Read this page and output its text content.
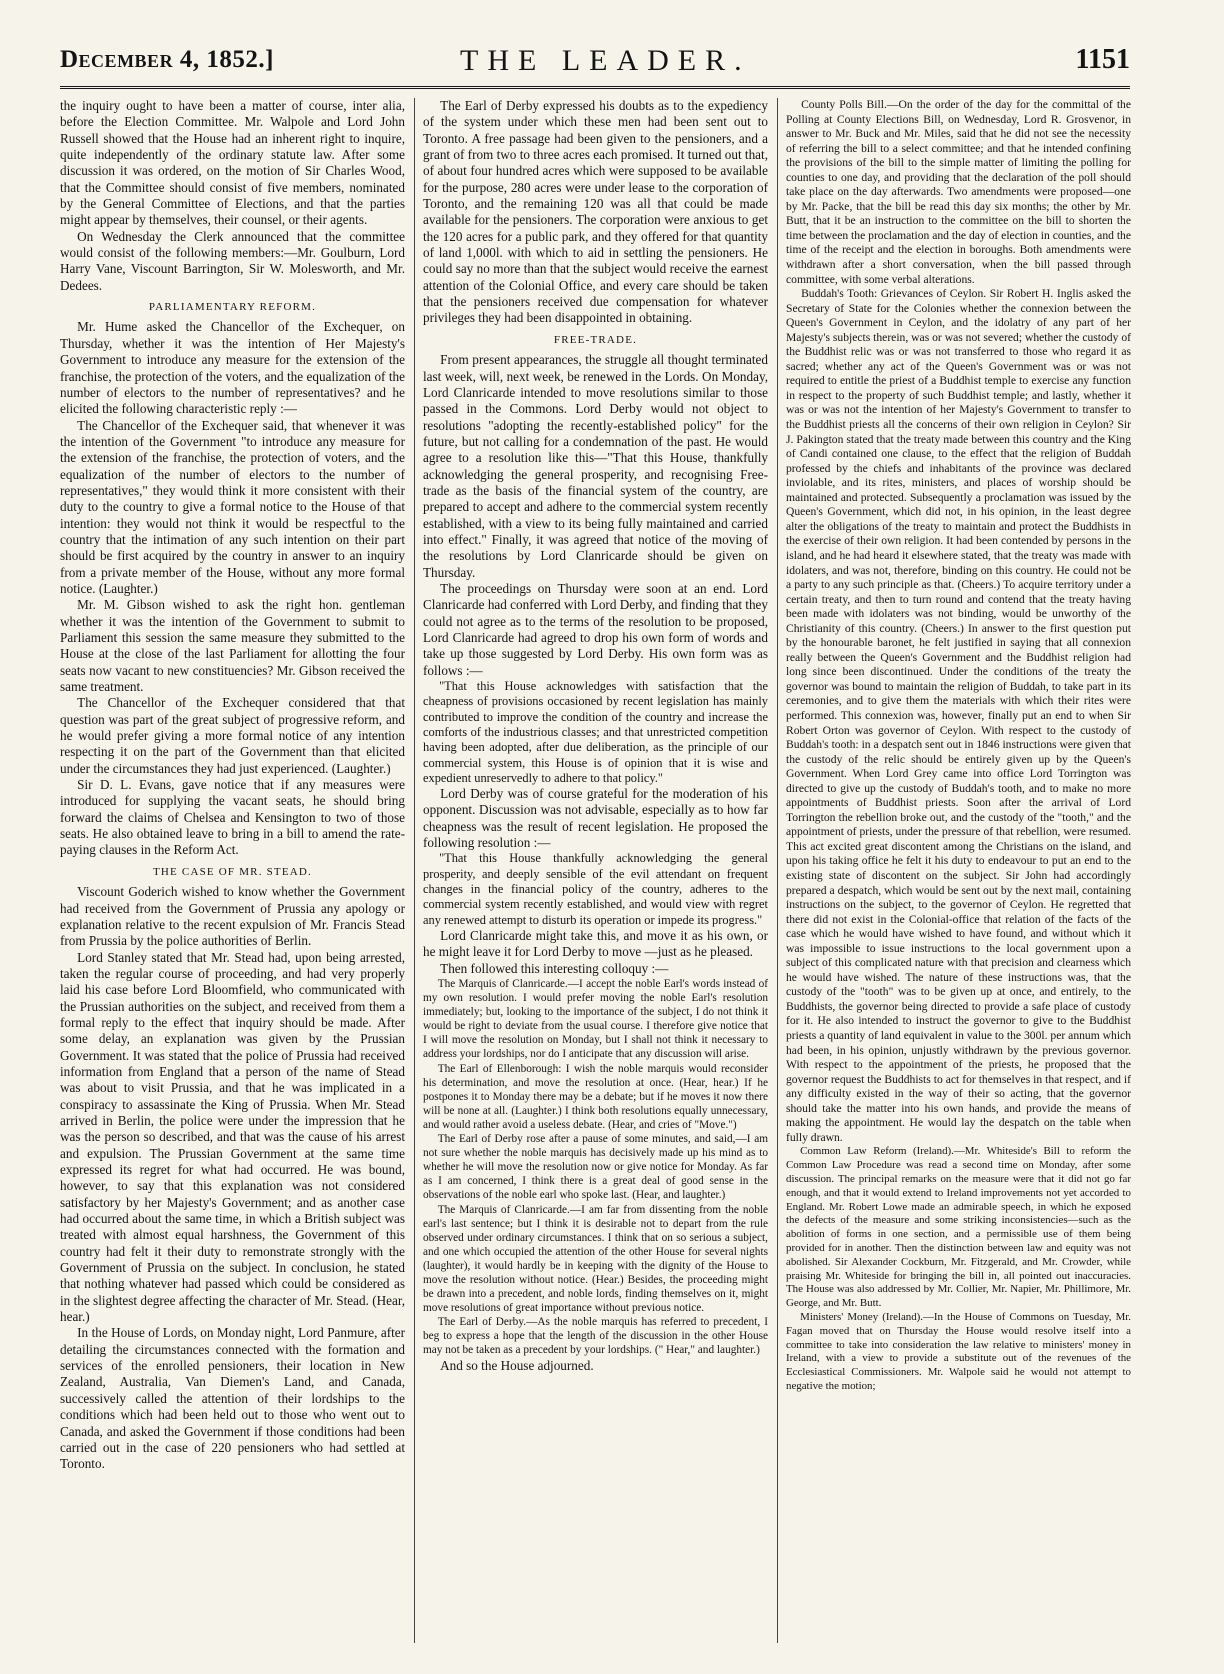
December 4, 1852.]	THE LEADER.	1151

the inquiry ought to have been a matter of course, inter alia, before the Election Committee. Mr. Walpole and Lord John Russell showed that the House had an inherent right to inquire, quite independently of the ordinary statute law. After some discussion it was ordered, on the motion of Sir Charles Wood, that the Committee should consist of five members, nominated by the General Committee of Elections, and that the parties might appear by themselves, their counsel, or their agents.

On Wednesday the Clerk announced that the committee would consist of the following members:—Mr. Goulburn, Lord Harry Vane, Viscount Barrington, Sir W. Molesworth, and Mr. Dedees.

PARLIAMENTARY REFORM.

Mr. Hume asked the Chancellor of the Exchequer, on Thursday, whether it was the intention of Her Majesty's Government to introduce any measure for the extension of the franchise, the protection of the voters, and the equalization of the number of electors to the number of representatives? and he elicited the following characteristic reply :—

The Chancellor of the Exchequer said, that whenever it was the intention of the Government "to introduce any measure for the extension of the franchise, the protection of voters, and the equalization of the number of electors to the number of representatives," they would think it more consistent with their duty to the country to give a formal notice to the House of that intention: they would not think it would be respectful to the country that the intimation of any such intention on their part should be first acquired by the country in answer to an inquiry from a private member of the House, without any more formal notice. (Laughter.)

Mr. M. Gibson wished to ask the right hon. gentleman whether it was the intention of the Government to submit to Parliament this session the same measure they submitted to the House at the close of the last Parliament for allotting the four seats now vacant to new constituencies? Mr. Gibson received the same treatment.

The Chancellor of the Exchequer considered that that question was part of the great subject of progressive reform, and he would prefer giving a more formal notice of any intention respecting it on the part of the Government than that elicited under the circumstances they had just experienced. (Laughter.)

Sir D. L. Evans, gave notice that if any measures were introduced for supplying the vacant seats, he should bring forward the claims of Chelsea and Kensington to two of those seats. He also obtained leave to bring in a bill to amend the rate-paying clauses in the Reform Act.

THE CASE OF MR. STEAD.

Viscount Goderich wished to know whether the Government had received from the Government of Prussia any apology or explanation relative to the recent expulsion of Mr. Francis Stead from Prussia by the police authorities of Berlin.

Lord Stanley stated that Mr. Stead had, upon being arrested, taken the regular course of proceeding, and had very properly laid his case before Lord Bloomfield, who communicated with the Prussian authorities on the subject, and received from them a formal reply to the effect that inquiry should be made. After some delay, an explanation was given by the Prussian Government. It was stated that the police of Prussia had received information from England that a person of the name of Stead was about to visit Prussia, and that he was implicated in a conspiracy to assassinate the King of Prussia. When Mr. Stead arrived in Berlin, the police were under the impression that he was the person so described, and that was the cause of his arrest and expulsion. The Prussian Government at the same time expressed its regret for what had occurred. He was bound, however, to say that this explanation was not considered satisfactory by her Majesty's Government; and as another case had occurred about the same time, in which a British subject was treated with almost equal harshness, the Government of this country had felt it their duty to remonstrate strongly with the Government of Prussia on the subject. In conclusion, he stated that nothing whatever had passed which could be considered as in the slightest degree affecting the character of Mr. Stead. (Hear, hear.)

In the House of Lords, on Monday night, Lord Panmure, after detailing the circumstances connected with the formation and services of the enrolled pensioners, their location in New Zealand, Australia, Van Diemen's Land, and Canada, successively called the attention of their lordships to the conditions which had been held out to those who went out to Canada, and asked the Government if those conditions had been carried out in the case of 220 pensioners who had settled at Toronto.

The Earl of Derby expressed his doubts as to the expediency of the system under which these men had been sent out to Toronto. A free passage had been given to the pensioners, and a grant of from two to three acres each promised. It turned out that, of about four hundred acres which were supposed to be available for the purpose, 280 acres were under lease to the corporation of Toronto, and the remaining 120 was all that could be made available for the pensioners. The corporation were anxious to get the 120 acres for a public park, and they offered for that quantity of land 1,000l. with which to aid in settling the pensioners. He could say no more than that the subject would receive the earnest attention of the Colonial Office, and every care should be taken that the pensioners received due compensation for whatever privileges they had been disappointed in obtaining.

FREE-TRADE.

From present appearances, the struggle all thought terminated last week, will, next week, be renewed in the Lords. On Monday, Lord Clanricarde intended to move resolutions similar to those passed in the Commons. Lord Derby would not object to resolutions "adopting the recently-established policy" for the future, but not calling for a condemnation of the past. He would agree to a resolution like this—"That this House, thankfully acknowledging the general prosperity, and recognising Free-trade as the basis of the financial system of the country, are prepared to accept and adhere to the commercial system recently established, with a view to its being fully maintained and carried into effect." Finally, it was agreed that notice of the moving of the resolutions by Lord Clanricarde should be given on Thursday.

The proceedings on Thursday were soon at an end. Lord Clanricarde had conferred with Lord Derby, and finding that they could not agree as to the terms of the resolution to be proposed, Lord Clanricarde had agreed to drop his own form of words and take up those suggested by Lord Derby. His own form was as follows :—

"That this House acknowledges with satisfaction that the cheapness of provisions occasioned by recent legislation has mainly contributed to improve the condition of the country and increase the comforts of the industrious classes; and that unrestricted competition having been adopted, after due deliberation, as the principle of our commercial system, this House is of opinion that it is wise and expedient unreservedly to adhere to that policy."

Lord Derby was of course grateful for the moderation of his opponent. Discussion was not advisable, especially as to how far cheapness was the result of recent legislation. He proposed the following resolution :—

"That this House thankfully acknowledging the general prosperity, and deeply sensible of the evil attendant on frequent changes in the financial policy of the country, adheres to the commercial system recently established, and would view with regret any renewed attempt to disturb its operation or impede its progress."

Lord Clanricarde might take this, and move it as his own, or he might leave it for Lord Derby to move —just as he pleased.

Then followed this interesting colloquy :—

The Marquis of Clanricarde.—I accept the noble Earl's words instead of my own resolution. I would prefer moving the noble Earl's resolution immediately; but, looking to the importance of the subject, I do not think it would be right to deviate from the usual course. I therefore give notice that I will move the resolution on Monday, but I shall not think it necessary to address your lordships, nor do I anticipate that any discussion will arise.

The Earl of Ellenborough: I wish the noble marquis would reconsider his determination, and move the resolution at once. (Hear, hear.) If he postpones it to Monday there may be a debate; but if he moves it now there will be none at all. (Laughter.) I think both resolutions equally unnecessary, and would rather avoid a useless debate. (Hear, and cries of "Move.")

The Earl of Derby rose after a pause of some minutes, and said,—I am not sure whether the noble marquis has decisively made up his mind as to whether he will move the resolution now or give notice for Monday. As far as I am concerned, I think there is a great deal of good sense in the observations of the noble earl who spoke last. (Hear, and laughter.)

The Marquis of Clanricarde.—I am far from dissenting from the noble earl's last sentence; but I think it is desirable not to depart from the rule observed under ordinary circumstances. I think that on so serious a subject, and one which occupied the attention of the other House for several nights (laughter), it would hardly be in keeping with the dignity of the House to move the resolution without notice. (Hear.) Besides, the proceeding might be drawn into a precedent, and noble lords, finding themselves on it, might move resolutions of great importance without previous notice.

The Earl of Derby.—As the noble marquis has referred to precedent, I beg to express a hope that the length of the discussion in the other House may not be taken as a precedent by your lordships. (" Hear," and laughter.)

And so the House adjourned.

County Polls Bill.—On the order of the day for the committal of the Polling at County Elections Bill, on Wednesday, Lord R. Grosvenor, in answer to Mr. Buck and Mr. Miles, said that he did not see the necessity of referring the bill to a select committee; and that he intended confining the provisions of the bill to the simple matter of limiting the polling for counties to one day, and providing that the declaration of the poll should take place on the day afterwards. Two amendments were proposed—one by Mr. Packe, that the bill be read this day six months; the other by Mr. Butt, that it be an instruction to the committee on the bill to shorten the time between the proclamation and the day of election in counties, and the time of the receipt and the election in boroughs. Both amendments were withdrawn after a short conversation, when the bill passed through committee, with some verbal alterations.

Buddah's Tooth: Grievances of Ceylon. Sir Robert H. Inglis asked the Secretary of State for the Colonies whether the connexion between the Queen's Government in Ceylon, and the idolatry of any part of her Majesty's subjects therein, was or was not severed; whether the custody of the Buddhist relic was or was not transferred to those who regard it as sacred; whether any act of the Queen's Government was or was not required to entitle the priest of a Buddhist temple to exercise any function in respect to the property of such Buddhist temple; and lastly, whether it was or was not the intention of her Majesty's Government to transfer to the Buddhist priests all the concerns of their own religion in Ceylon? Sir J. Pakington stated that the treaty made between this country and the King of Candi contained one clause, to the effect that the religion of Buddah professed by the chiefs and inhabitants of the province was declared inviolable, and its rites, ministers, and places of worship should be maintained and protected. Subsequently a proclamation was issued by the Queen's Government, which did not, in his opinion, in the least degree alter the obligations of the treaty to maintain and protect the Buddhists in the exercise of their own religion. It had been contended by persons in the island, and he had heard it elsewhere stated, that the treaty was made with idolaters, and was not, therefore, binding on this country. He could not be a party to any such principle as that. (Cheers.) To acquire territory under a certain treaty, and then to turn round and contend that the treaty having been made with idolaters was not binding, would be unworthy of the Christianity of this country. (Cheers.) In answer to the first question put by the honourable baronet, he felt justified in saying that all connexion really between the Queen's Government and the Buddhist religion had long since been discontinued. Under the conditions of the treaty the governor was bound to maintain the religion of Buddah, to take part in its ceremonies, and to give them the materials with which their rites were performed. This connexion was, however, finally put an end to when Sir Robert Orton was governor of Ceylon. With respect to the custody of Buddah's tooth: in a despatch sent out in 1846 instructions were given that the custody of the relic should be entirely given up by the Queen's Government. When Lord Grey came into office Lord Torrington was directed to give up the custody of Buddah's tooth, and to make no more appointments of Buddhist priests. Soon after the arrival of Lord Torrington the rebellion broke out, and the custody of the "tooth," and the appointment of priests, under the pressure of that rebellion, were resumed. This act excited great discontent among the Christians on the island, and upon his taking office he felt it his duty to endeavour to put an end to the existing state of discontent on the subject. Sir John had accordingly prepared a despatch, which would be sent out by the next mail, containing instructions on the subject, to the governor of Ceylon. He regretted that there did not exist in the Colonial-office that relation of the facts of the case which he would have wished to have found, and without which it was impossible to issue instructions to the local government upon a subject of this complicated nature with that precision and clearness which he would have wished. The nature of these instructions was, that the custody of the "tooth" was to be given up at once, and entirely, to the Buddhists, the governor being directed to provide a safe place of custody for it. He also intended to instruct the governor to give to the Buddhist priests a quantity of land equivalent in value to the 300l. per annum which had been, in his opinion, unjustly withdrawn by the previous governor. With respect to the appointment of the priests, he proposed that the governor request the Buddhists to act for themselves in that respect, and if any difficulty existed in the way of their so acting, that the governor should take the matter into his own hands, and provide the means of making the appointment. He would lay the despatch on the table when fully drawn.

Common Law Reform (Ireland).—Mr. Whiteside's Bill to reform the Common Law Procedure was read a second time on Monday, after some discussion. The principal remarks on the measure were that it did not go far enough, and that it would extend to Ireland improvements not yet accorded to England. Mr. Robert Lowe made an admirable speech, in which he exposed the defects of the measure and some striking inconsistencies—such as the abolition of forms in one section, and a permissible use of them being provided for in another. Then the distinction between law and equity was not abolished. Sir Alexander Cockburn, Mr. Fitzgerald, and Mr. Crowder, while praising Mr. Whiteside for bringing the bill in, all pointed out inaccuracies. The House was also addressed by Mr. Collier, Mr. Napier, Mr. Phillimore, Mr. George, and Mr. Butt.

Ministers' Money (Ireland).—In the House of Commons on Tuesday, Mr. Fagan moved that on Thursday the House would resolve itself into a committee to take into consideration the law relative to ministers' money in Ireland, with a view to provide a substitute out of the revenues of the Ecclesiastical Commissioners. Mr. Walpole said he would not attempt to negative the motion;
